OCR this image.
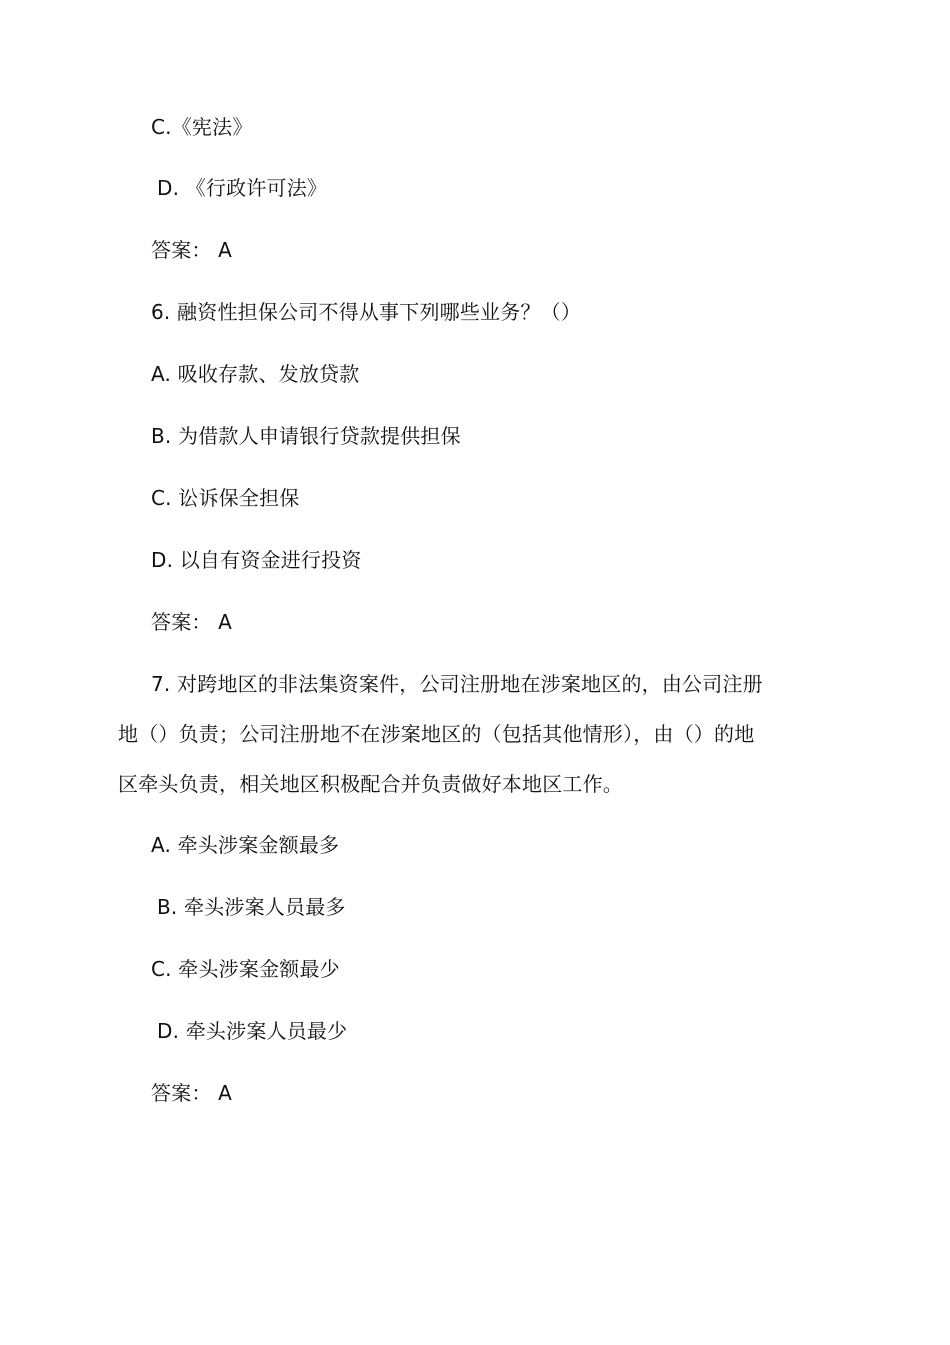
C.《宪法》
D. 《行政许可法》
答案： A
6. 融资性担保公司不得从事下列哪些业务？（）
A. 吸收存款、发放贷款
B. 为借款人申请银行贷款提供担保
C. 讼诉保全担保
D. 以自有资金进行投资
答案： A
7. 对跨地区的非法集资案件，公司注册地在涉案地区的，由公司注册
地（）负责；公司注册地不在涉案地区的（包括其他情形），由（）的地
区牵头负责，相关地区积极配合并负责做好本地区工作。
A. 牵头涉案金额最多
B. 牵头涉案人员最多
C. 牵头涉案金额最少
D. 牵头涉案人员最少
答案： A
